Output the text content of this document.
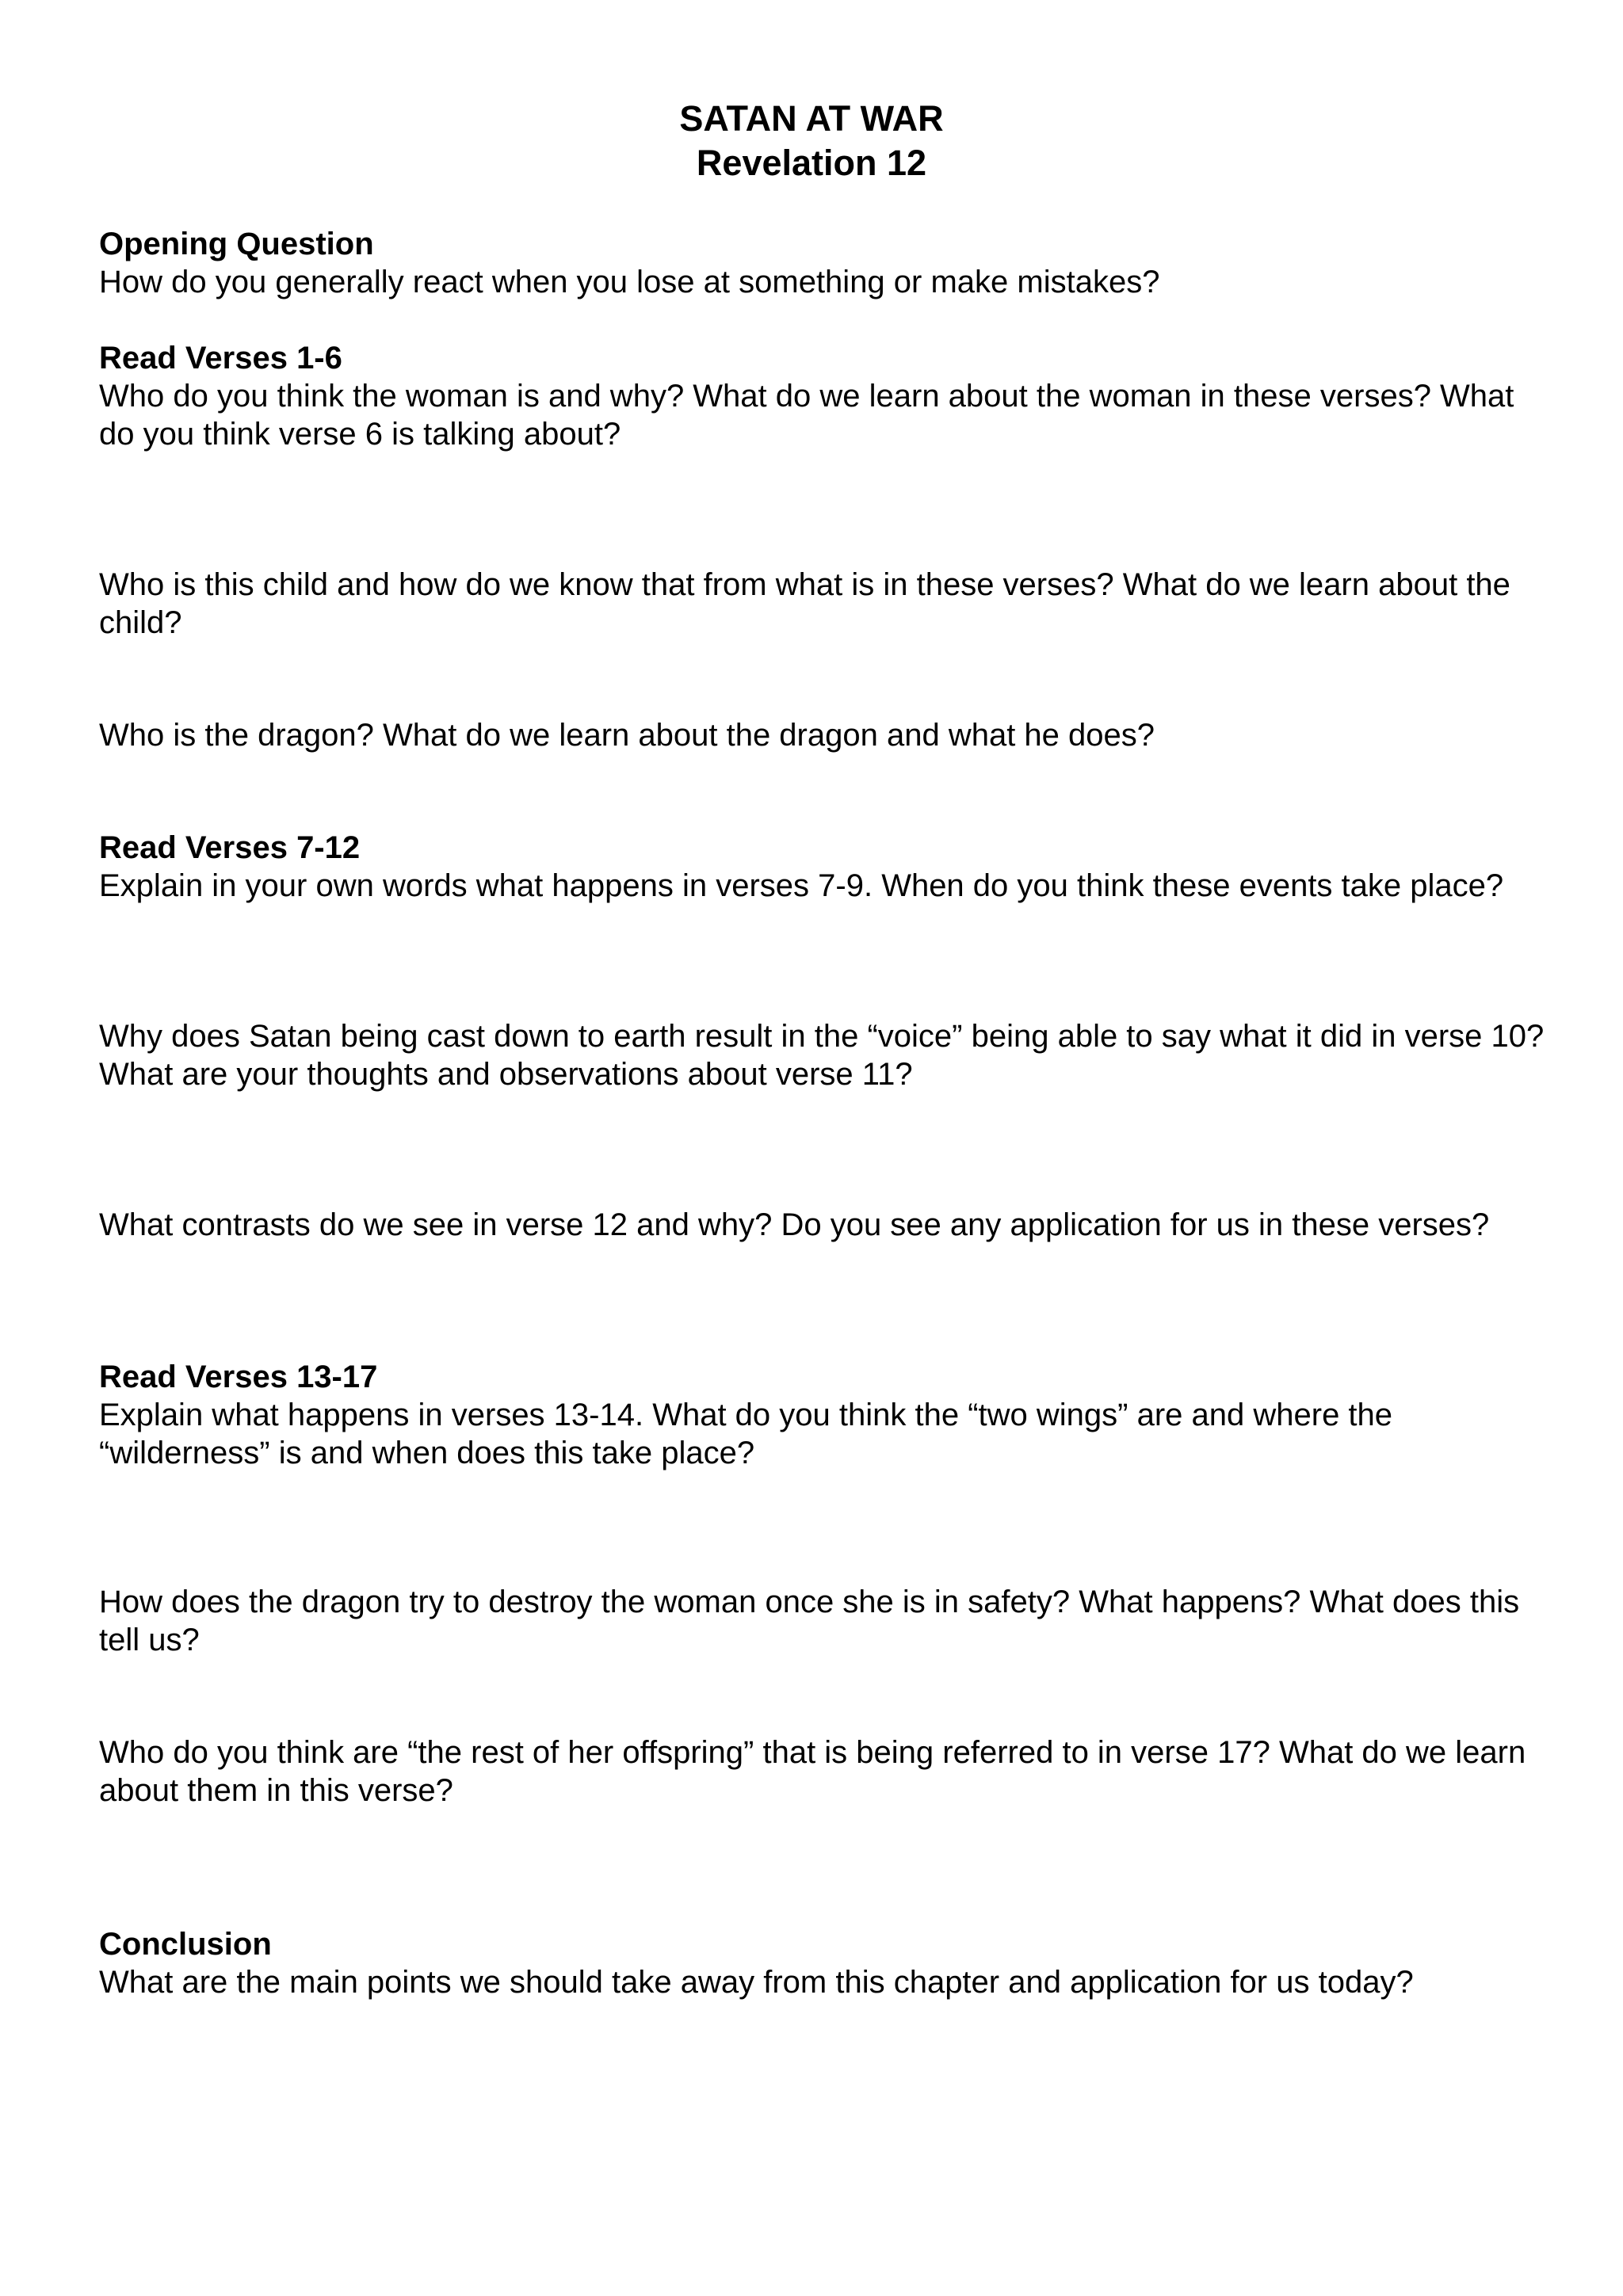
SATAN AT WAR
Revelation 12
Opening Question
How do you generally react when you lose at something or make mistakes?
Read Verses 1-6
Who do you think the woman is and why? What do we learn about the woman in these verses? What do you think verse 6 is talking about?
Who is this child and how do we know that from what is in these verses? What do we learn about the child?
Who is the dragon? What do we learn about the dragon and what he does?
Read Verses 7-12
Explain in your own words what happens in verses 7-9. When do you think these events take place?
Why does Satan being cast down to earth result in the “voice” being able to say what it did in verse 10? What are your thoughts and observations about verse 11?
What contrasts do we see in verse 12 and why? Do you see any application for us in these verses?
Read Verses 13-17
Explain what happens in verses 13-14. What do you think the “two wings” are and where the “wilderness” is and when does this take place?
How does the dragon try to destroy the woman once she is in safety? What happens? What does this tell us?
Who do you think are “the rest of her offspring” that is being referred to in verse 17? What do we learn about them in this verse?
Conclusion
What are the main points we should take away from this chapter and application for us today?
